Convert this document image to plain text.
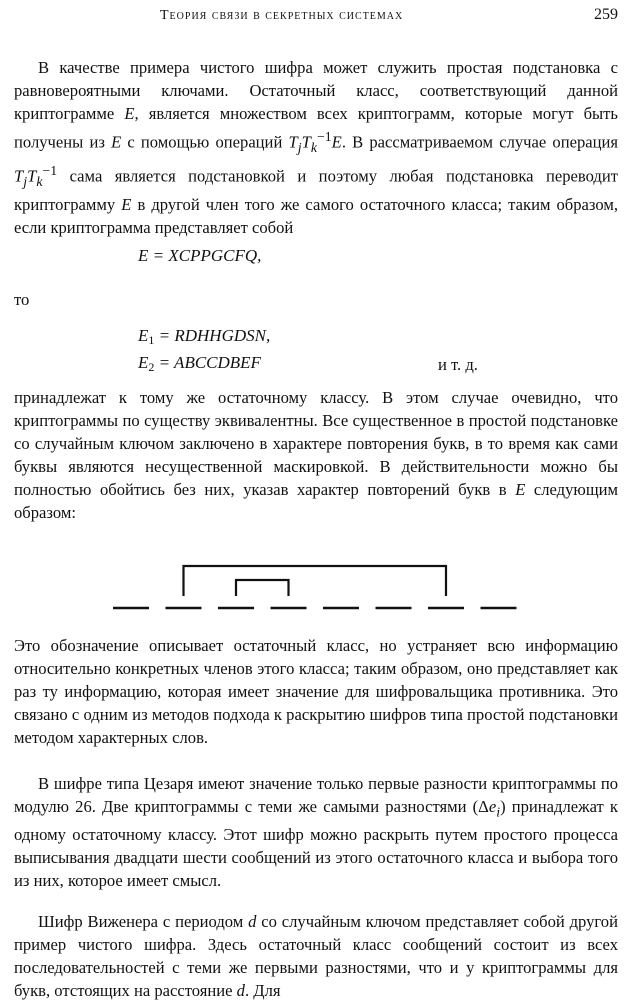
Теория связи в секретных системах	259

В качестве примера чистого шифра может служить простая подстановка с равновероятными ключами. Остаточный класс, соответствующий данной криптограмме E, является множеством всех криптограмм, которые могут быть получены из E с помощью операций $T_jT_k^{-1}E$. В рассматриваемом случае операция $T_jT_k^{-1}$ сама является подстановкой и поэтому любая подстановка переводит криптограмму E в другой член того же самого остаточного класса; таким образом, если криптограмма представляет собой

E = XCPPGCFQ,
то
$E_1$ = RDHHGDSN,
$E_2$ = ABCCDBEF	и т. д.

принадлежат к тому же остаточному классу. В этом случае очевидно, что криптограммы по существу эквивалентны. Все существенное в простой подстановке со случайным ключом заключено в характере повторения букв, в то время как сами буквы являются несущественной маскировкой. В действительности можно бы полностью обойтись без них, указав характер повторений букв в E следующим образом:

Это обозначение описывает остаточный класс, но устраняет всю информацию относительно конкретных членов этого класса; таким образом, оно представляет как раз ту информацию, которая имеет значение для шифровальщика противника. Это связано с одним из методов подхода к раскрытию шифров типа простой подстановки методом характерных слов.

В шифре типа Цезаря имеют значение только первые разности криптограммы по модулю 26. Две криптограммы с теми же самыми разностями $(\Delta e_i)$ принадлежат к одному остаточному классу. Этот шифр можно раскрыть путем простого процесса выписывания двадцати шести сообщений из этого остаточного класса и выбора того из них, которое имеет смысл.

Шифр Виженера с периодом d со случайным ключом представляет собой другой пример чистого шифра. Здесь остаточный класс сообщений состоит из всех последовательностей с теми же первыми разностями, что и у криптограммы для букв, отстоящих на расстояние d. Для
